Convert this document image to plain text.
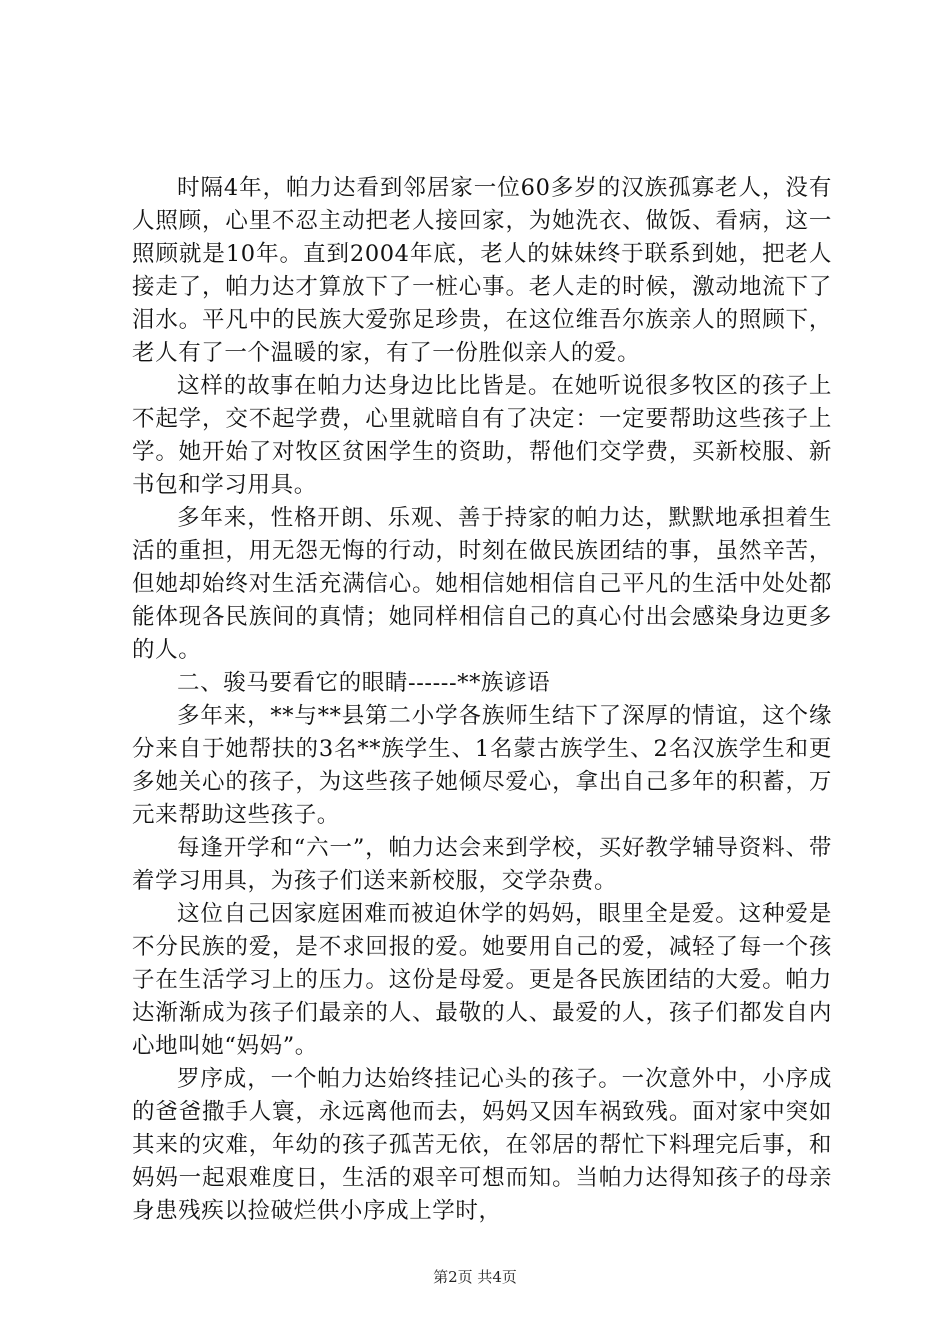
时隔4年，帕力达看到邻居家一位60多岁的汉族孤寡老人，没有人照顾，心里不忍主动把老人接回家，为她洗衣、做饭、看病，这一照顾就是10年。直到2004年底，老人的妹妹终于联系到她，把老人接走了，帕力达才算放下了一桩心事。老人走的时候，激动地流下了泪水。平凡中的民族大爱弥足珍贵，在这位维吾尔族亲人的照顾下，老人有了一个温暖的家，有了一份胜似亲人的爱。

这样的故事在帕力达身边比比皆是。在她听说很多牧区的孩子上不起学，交不起学费，心里就暗自有了决定：一定要帮助这些孩子上学。她开始了对牧区贫困学生的资助，帮他们交学费，买新校服、新书包和学习用具。

多年来，性格开朗、乐观、善于持家的帕力达，默默地承担着生活的重担，用无怨无悔的行动，时刻在做民族团结的事，虽然辛苦，但她却始终对生活充满信心。她相信她相信自己平凡的生活中处处都能体现各民族间的真情；她同样相信自己的真心付出会感染身边更多的人。

二、骏马要看它的眼睛------**族谚语

多年来，**与**县第二小学各族师生结下了深厚的情谊，这个缘分来自于她帮扶的3名**族学生、1名蒙古族学生、2名汉族学生和更多她关心的孩子，为这些孩子她倾尽爱心，拿出自己多年的积蓄，万元来帮助这些孩子。

每逢开学和“六一”，帕力达会来到学校，买好教学辅导资料、带着学习用具，为孩子们送来新校服，交学杂费。

这位自己因家庭困难而被迫休学的妈妈，眼里全是爱。这种爱是不分民族的爱，是不求回报的爱。她要用自己的爱，减轻了每一个孩子在生活学习上的压力。这份是母爱。更是各民族团结的大爱。帕力达渐渐成为孩子们最亲的人、最敬的人、最爱的人，孩子们都发自内心地叫她“妈妈”。

罗序成，一个帕力达始终挂记心头的孩子。一次意外中，小序成的爸爸撒手人寰，永远离他而去，妈妈又因车祸致残。面对家中突如其来的灾难，年幼的孩子孤苦无依，在邻居的帮忙下料理完后事，和妈妈一起艰难度日，生活的艰辛可想而知。当帕力达得知孩子的母亲身患残疾以捡破烂供小序成上学时，

第2页 共4页
